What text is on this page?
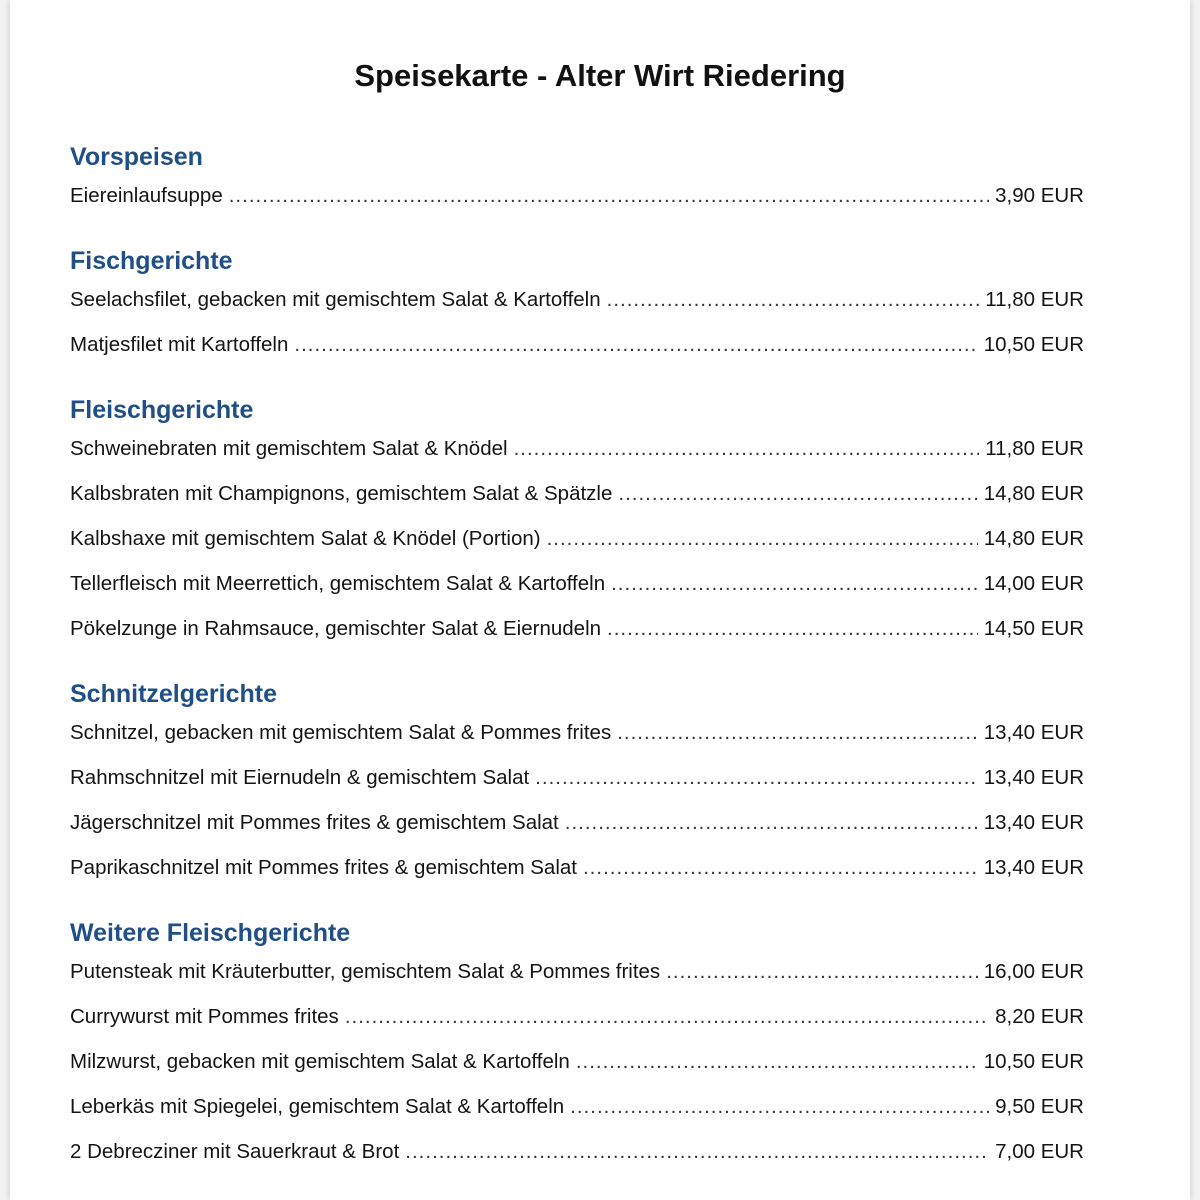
Speisekarte - Alter Wirt Riedering
Vorspeisen
Eiereinlaufsuppe .....	3,90 EUR
Fischgerichte
Seelachsfilet, gebacken mit gemischtem Salat & Kartoffeln .....	11,80 EUR
Matjesfilet mit Kartoffeln .....	10,50 EUR
Fleischgerichte
Schweinebraten mit gemischtem Salat & Knödel .....	11,80 EUR
Kalbsbraten mit Champignons, gemischtem Salat & Spätzle .....	14,80 EUR
Kalbshaxe mit gemischtem Salat & Knödel (Portion) .....	14,80 EUR
Tellerfleisch mit Meerrettich, gemischtem Salat & Kartoffeln .....	14,00 EUR
Pökelzunge in Rahmsauce, gemischter Salat & Eiernudeln .....	14,50 EUR
Schnitzelgerichte
Schnitzel, gebacken mit gemischtem Salat & Pommes frites .....	13,40 EUR
Rahmschnitzel mit Eiernudeln & gemischtem Salat .....	13,40 EUR
Jägerschnitzel mit Pommes frites & gemischtem Salat .....	13,40 EUR
Paprikaschnitzel mit Pommes frites & gemischtem Salat .....	13,40 EUR
Weitere Fleischgerichte
Putensteak mit Kräuterbutter, gemischtem Salat & Pommes frites .....	16,00 EUR
Currywurst mit Pommes frites .....	8,20 EUR
Milzwurst, gebacken mit gemischtem Salat & Kartoffeln .....	10,50 EUR
Leberkäs mit Spiegelei, gemischtem Salat & Kartoffeln .....	9,50 EUR
2 Debrecziner mit Sauerkraut & Brot .....	7,00 EUR
